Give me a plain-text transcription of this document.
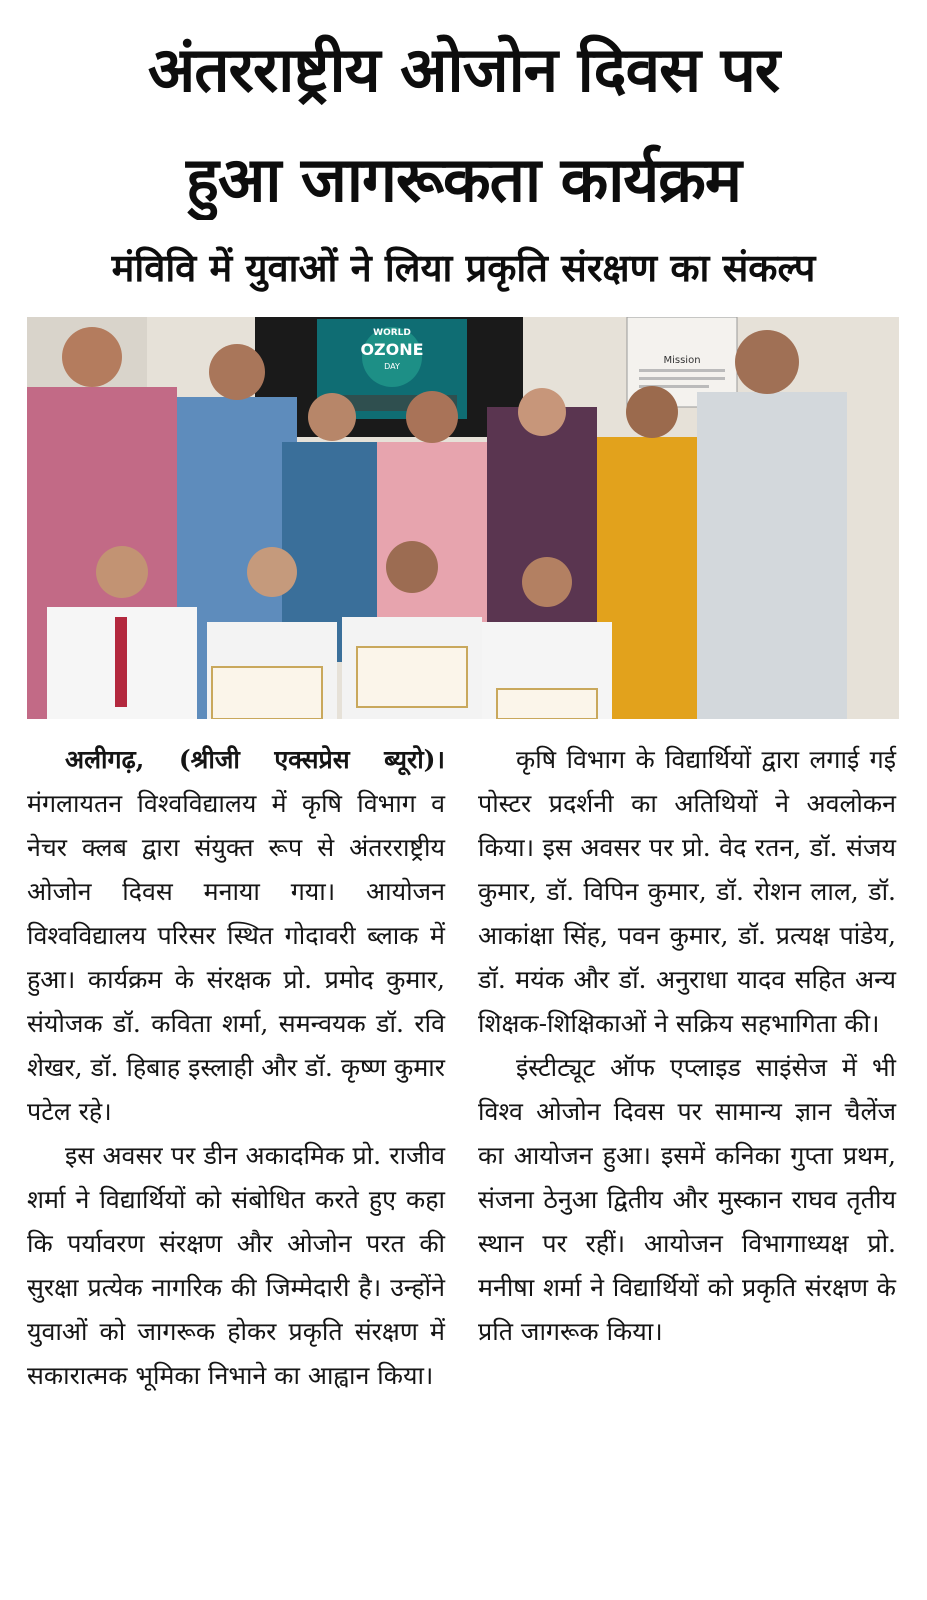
अंतरराष्ट्रीय ओजोन दिवस पर
हुआ जागरूकता कार्यक्रम
मंविवि में युवाओं ने लिया प्रकृति संरक्षण का संकल्प
WORLD
OZONE
DAY
Mission

अलीगढ़, (श्रीजी एक्सप्रेस ब्यूरो)। मंगलायतन विश्वविद्यालय में कृषि विभाग व नेचर क्लब द्वारा संयुक्त रूप से अंतरराष्ट्रीय ओजोन दिवस मनाया गया। आयोजन विश्वविद्यालय परिसर स्थित गोदावरी ब्लाक में हुआ। कार्यक्रम के संरक्षक प्रो. प्रमोद कुमार, संयोजक डॉ. कविता शर्मा, समन्वयक डॉ. रवि शेखर, डॉ. हिबाह इस्लाही और डॉ. कृष्ण कुमार पटेल रहे।

इस अवसर पर डीन अकादमिक प्रो. राजीव शर्मा ने विद्यार्थियों को संबोधित करते हुए कहा कि पर्यावरण संरक्षण और ओजोन परत की सुरक्षा प्रत्येक नागरिक की जिम्मेदारी है। उन्होंने युवाओं को जागरूक होकर प्रकृति संरक्षण में सकारात्मक भूमिका निभाने का आह्वान किया।

कृषि विभाग के विद्यार्थियों द्वारा लगाई गई पोस्टर प्रदर्शनी का अतिथियों ने अवलोकन किया। इस अवसर पर प्रो. वेद रतन, डॉ. संजय कुमार, डॉ. विपिन कुमार, डॉ. रोशन लाल, डॉ. आकांक्षा सिंह, पवन कुमार, डॉ. प्रत्यक्ष पांडेय, डॉ. मयंक और डॉ. अनुराधा यादव सहित अन्य शिक्षक-शिक्षिकाओं ने सक्रिय सहभागिता की।

इंस्टीट्यूट ऑफ एप्लाइड साइंसेज में भी विश्व ओजोन दिवस पर सामान्य ज्ञान चैलेंज का आयोजन हुआ। इसमें कनिका गुप्ता प्रथम, संजना ठेनुआ द्वितीय और मुस्कान राघव तृतीय स्थान पर रहीं। आयोजन विभागाध्यक्ष प्रो. मनीषा शर्मा ने विद्यार्थियों को प्रकृति संरक्षण के प्रति जागरूक किया।
